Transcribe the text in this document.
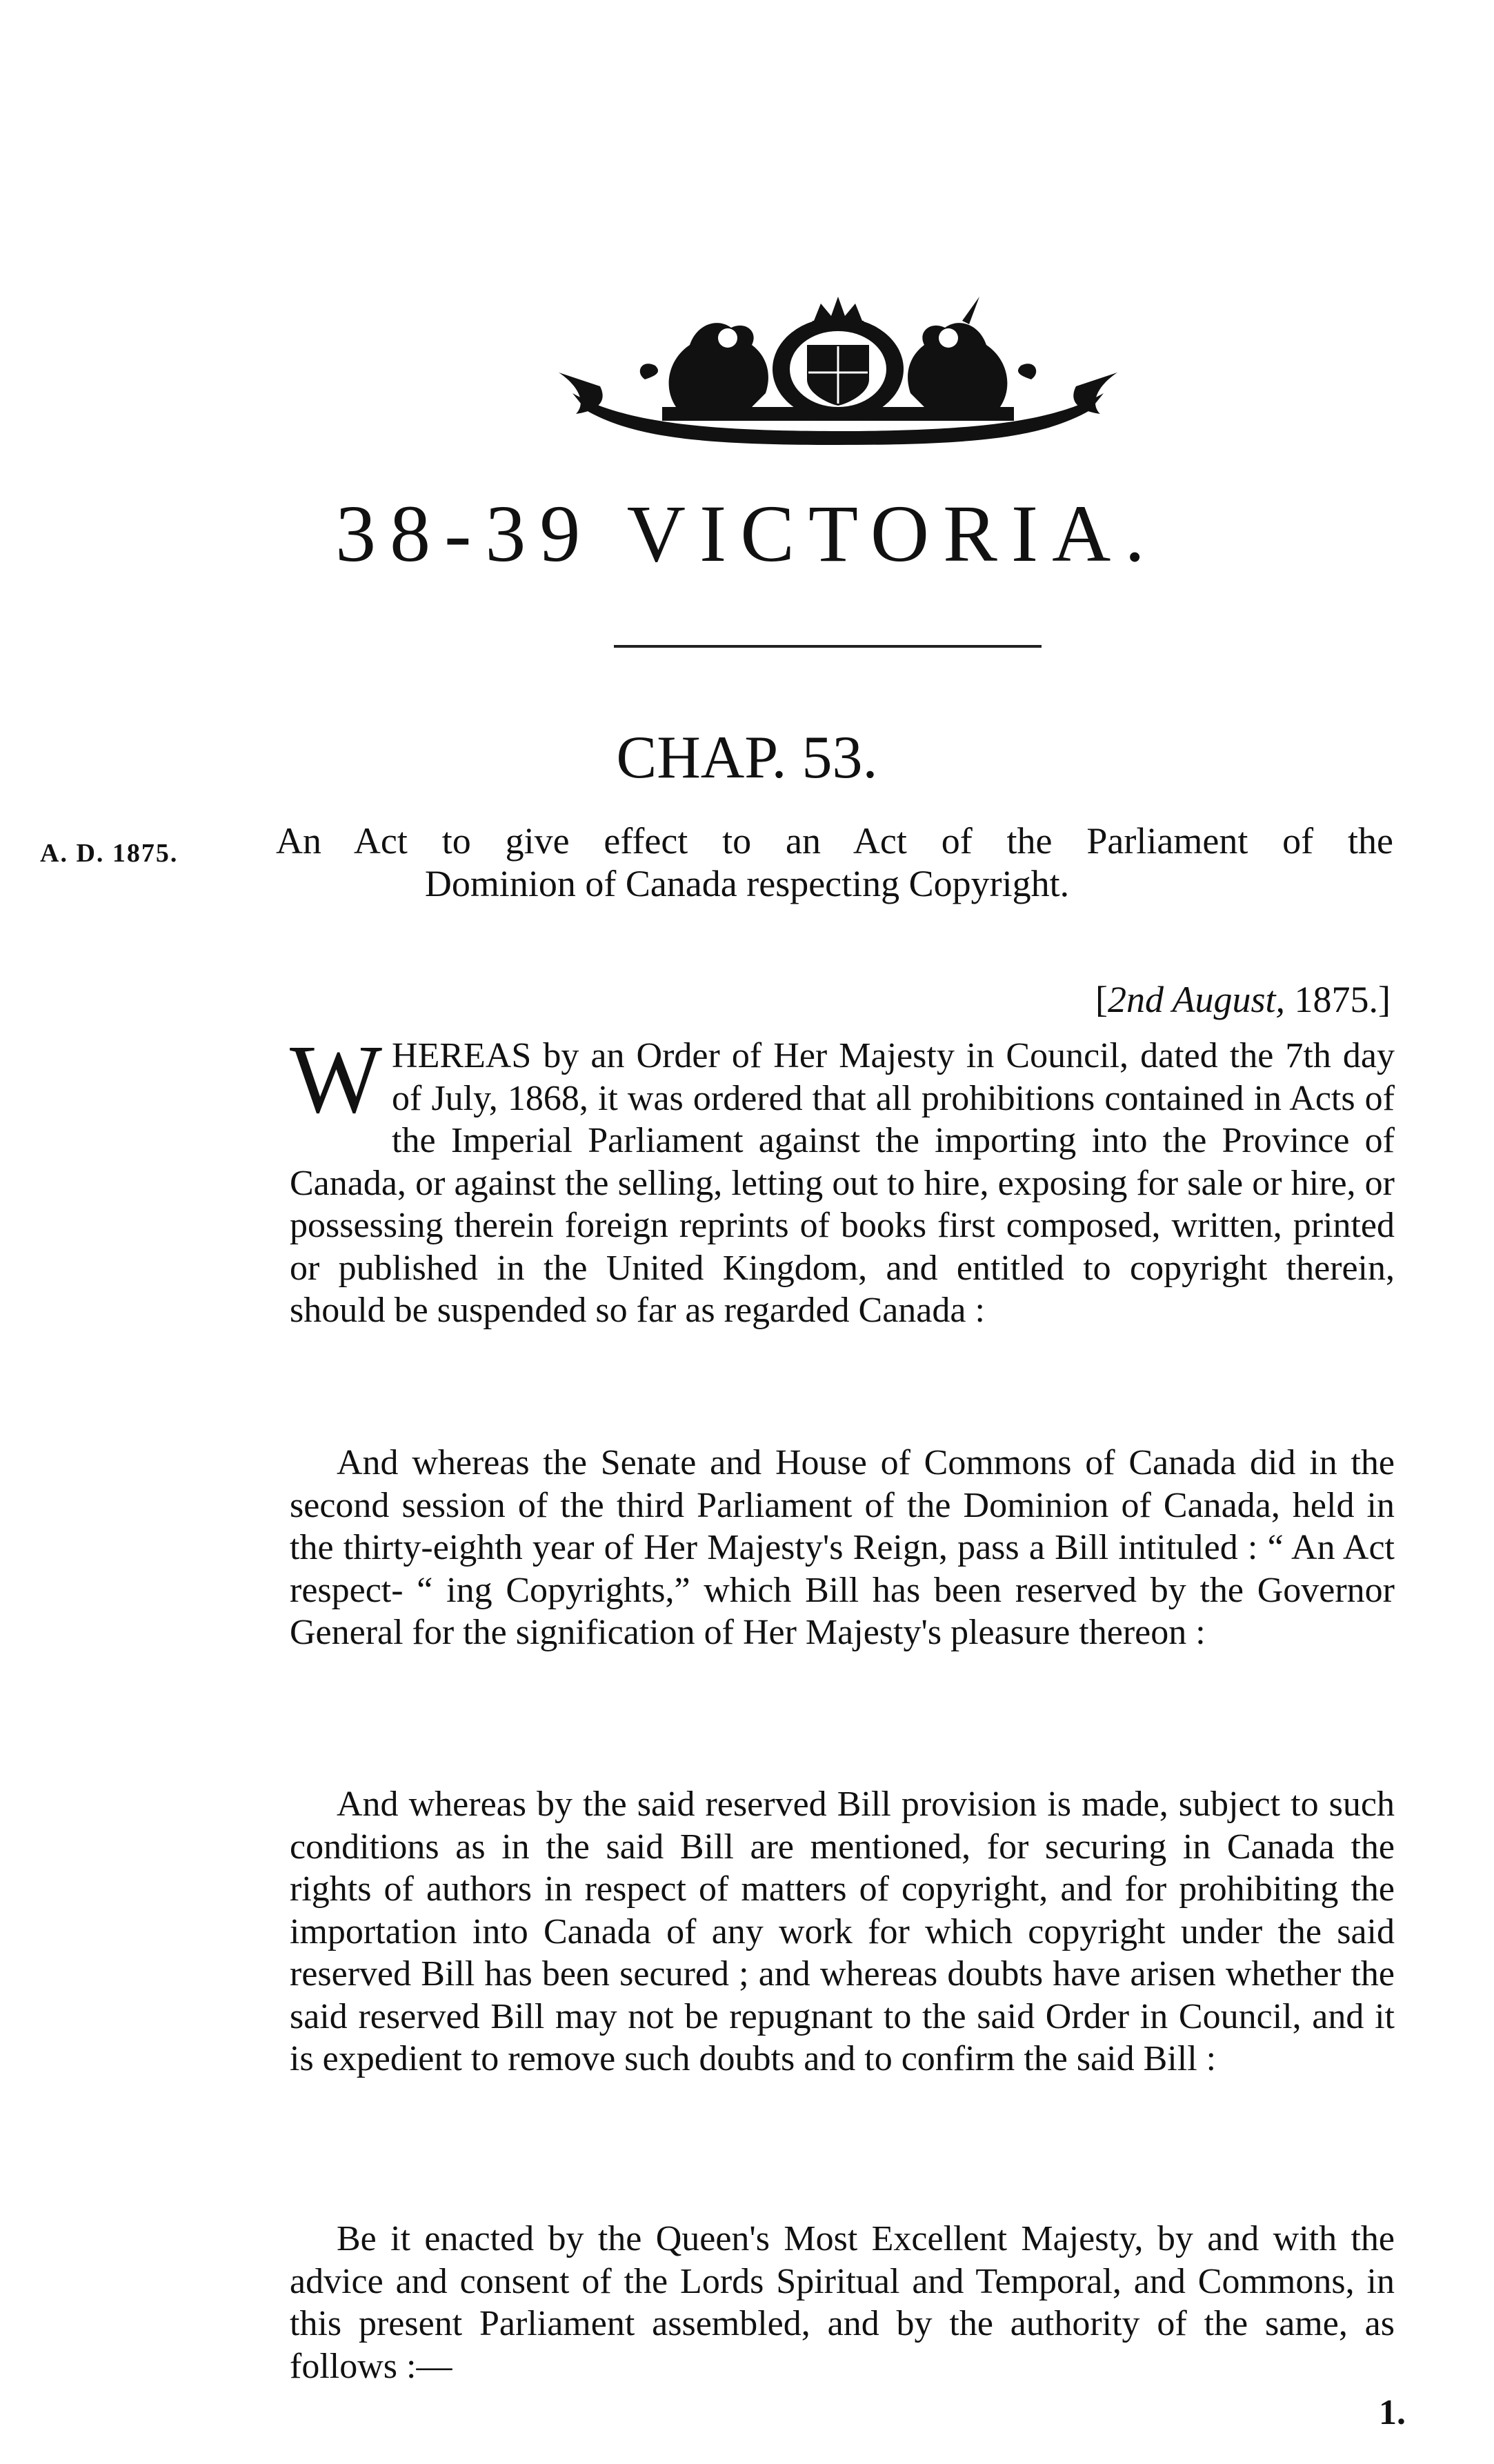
38-39 VICTORIA.
CHAP. 53.
A. D. 1875.	An Act to give effect to an Act of the Parliament of the
Dominion of Canada respecting Copyright.
[2nd August, 1875.]
WHEREAS by an Order of Her Majesty in Council, dated the 7th day of July, 1868, it was ordered that all prohibitions contained in Acts of the Imperial Parliament against the importing into the Province of Canada, or against the selling, letting out to hire, exposing for sale or hire, or possessing therein foreign reprints of books first composed, written, printed or published in the United Kingdom, and entitled to copyright therein, should be suspended so far as regarded Canada :
And whereas the Senate and House of Commons of Canada did in the second session of the third Parliament of the Dominion of Canada, held in the thirty-eighth year of Her Majesty's Reign, pass a Bill intituled : “ An Act respect- “ ing Copyrights,” which Bill has been reserved by the Governor General for the signification of Her Majesty's pleasure thereon :
And whereas by the said reserved Bill provision is made, subject to such conditions as in the said Bill are mentioned, for securing in Canada the rights of authors in respect of matters of copyright, and for prohibiting the importation into Canada of any work for which copyright under the said reserved Bill has been secured ; and whereas doubts have arisen whether the said reserved Bill may not be repugnant to the said Order in Council, and it is expedient to remove such doubts and to confirm the said Bill :
Be it enacted by the Queen's Most Excellent Majesty, by and with the advice and consent of the Lords Spiritual and Temporal, and Commons, in this present Parliament assembled, and by the authority of the same, as follows :—
1.
